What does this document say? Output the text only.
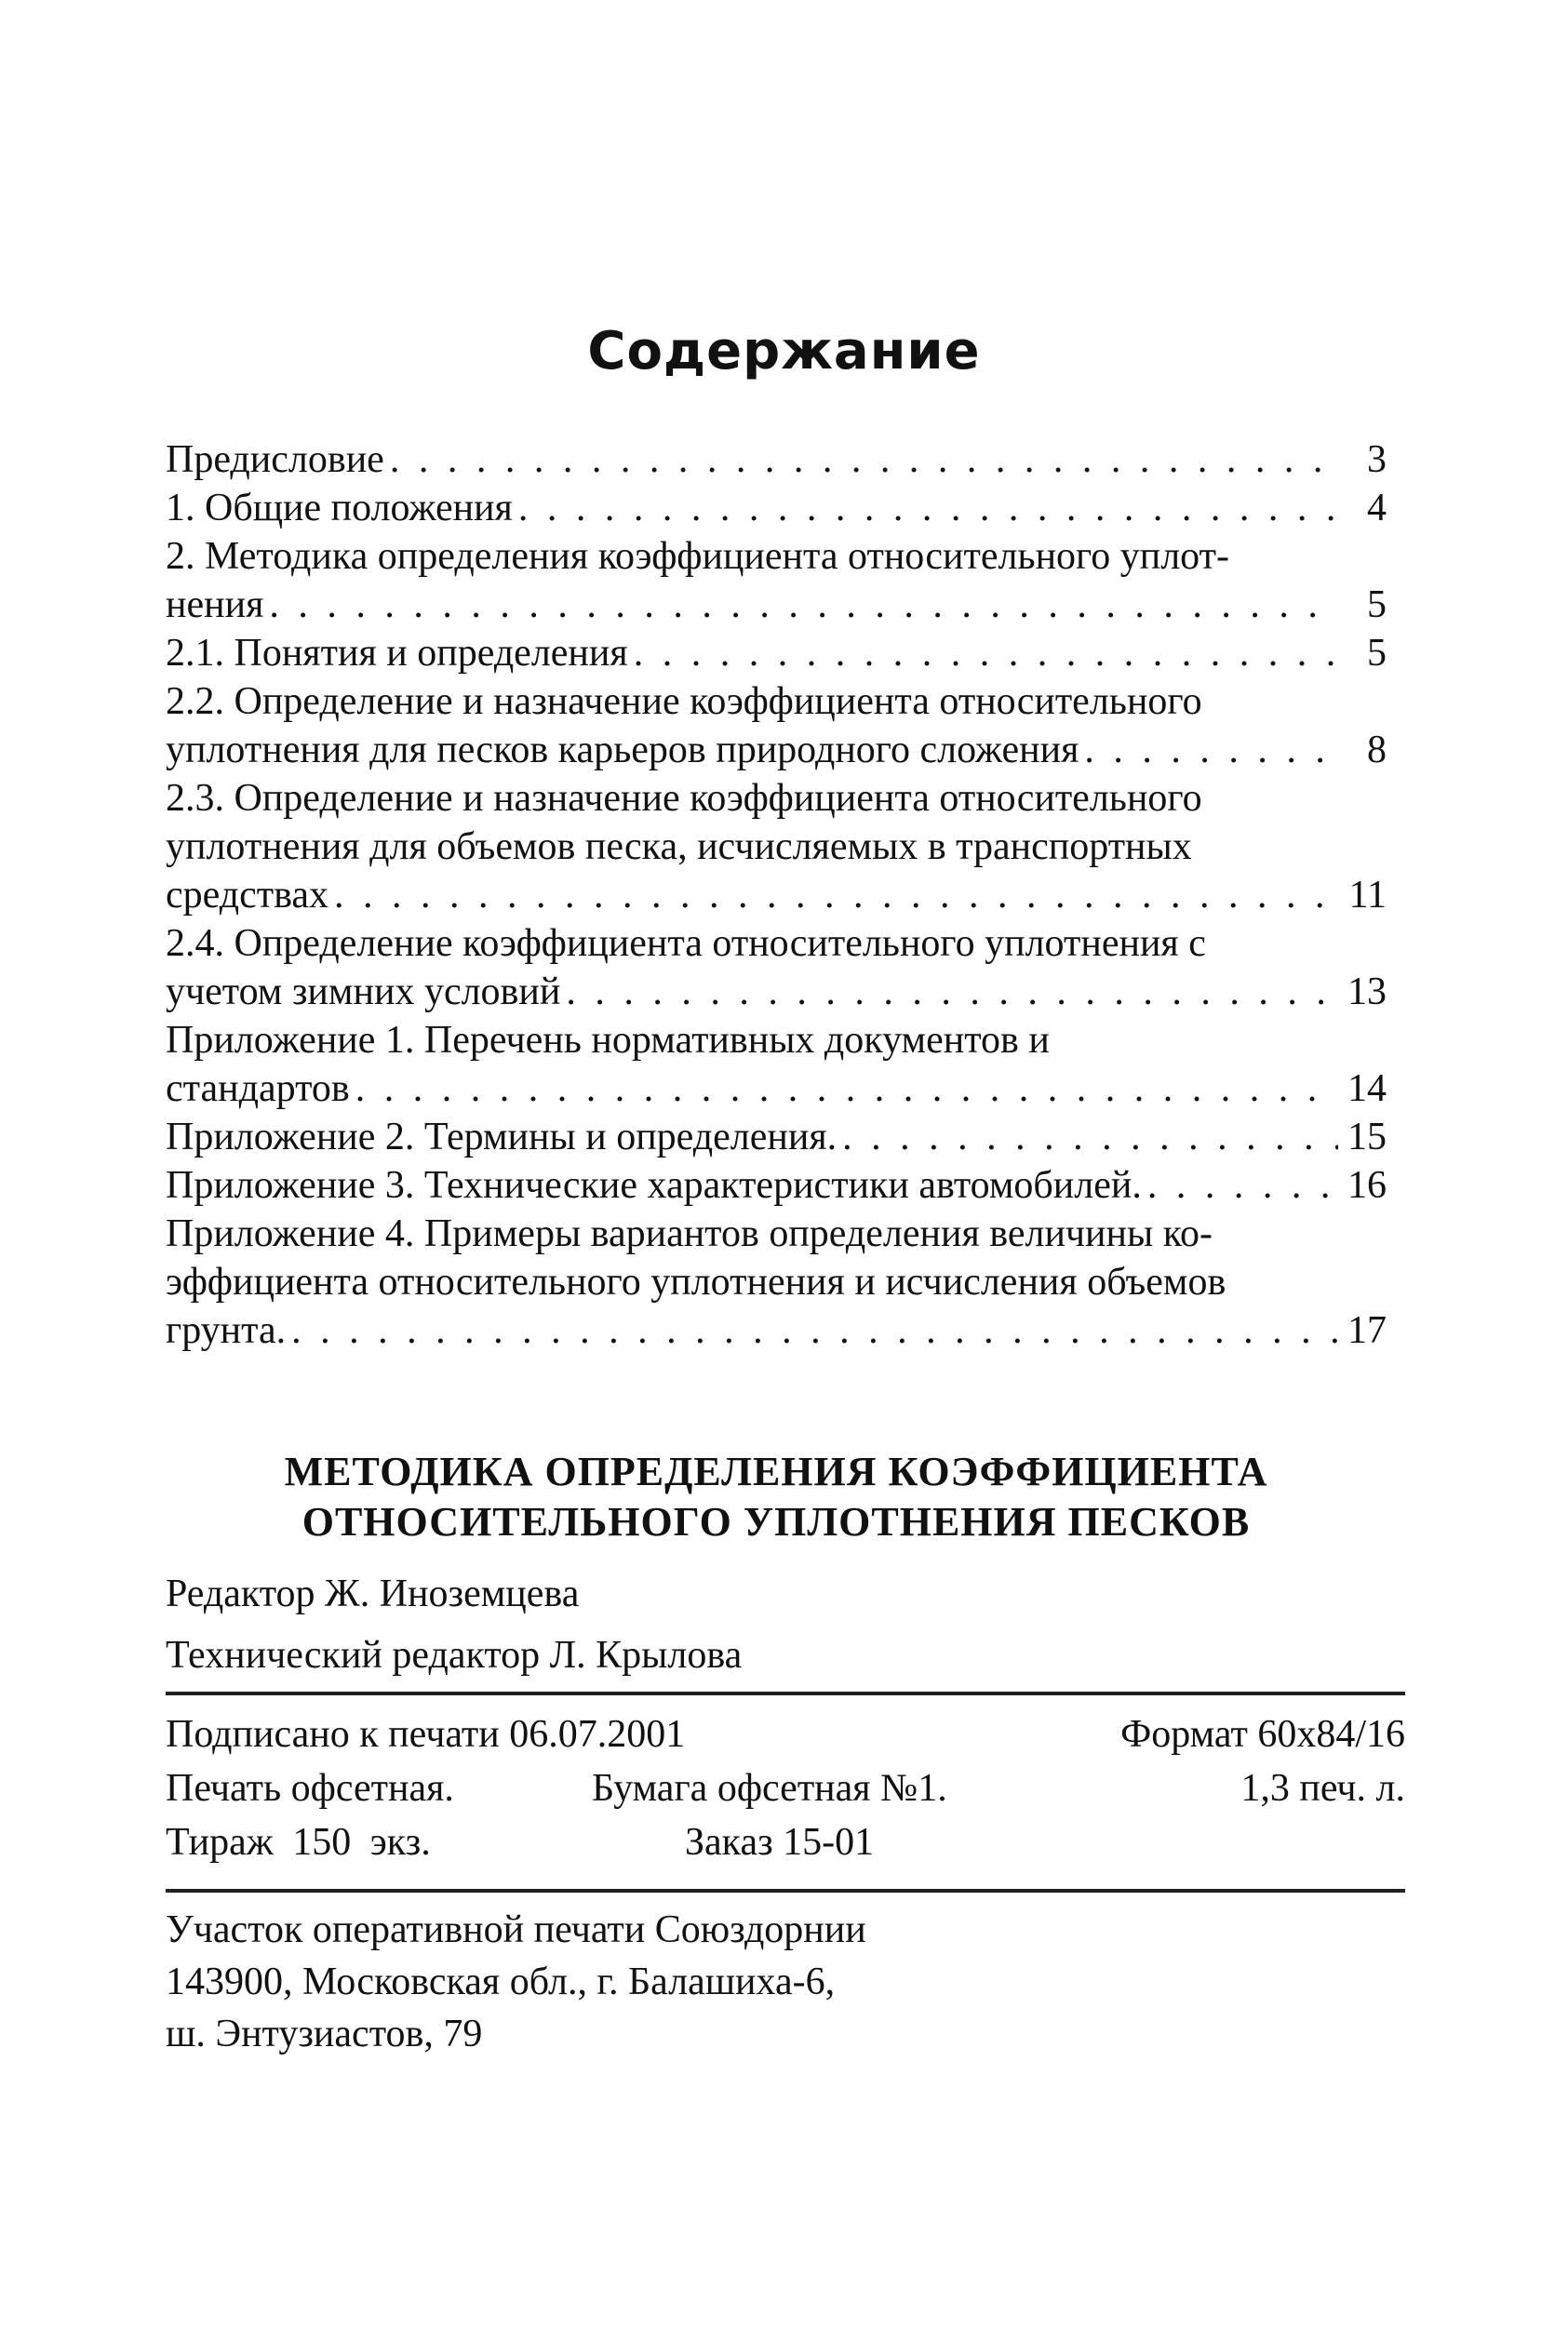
Содержание
Предисловие . . .	3
1. Общие положения . . .	4
2. Методика определения коэффициента относительного уплот-
нения . . .	5
2.1. Понятия и определения . . .	5
2.2. Определение и назначение коэффициента относительного
уплотнения для песков карьеров природного сложения . . .	8
2.3. Определение и назначение коэффициента относительного уплотнения для объемов песка, исчисляемых в транспортных
средствах . . .	11
2.4. Определение коэффициента относительного уплотнения с
учетом зимних условий . . .	13
Приложение 1. Перечень нормативных документов и
стандартов . . .	14
Приложение 2. Термины и определения. . . .	15
Приложение 3. Технические характеристики автомобилей. . . .	16
Приложение 4. Примеры вариантов определения величины ко-эффициента относительного уплотнения и исчисления объемов
грунта. . . .	17
МЕТОДИКА ОПРЕДЕЛЕНИЯ КОЭФФИЦИЕНТА
ОТНОСИТЕЛЬНОГО УПЛОТНЕНИЯ ПЕСКОВ
Редактор Ж. Иноземцева
Технический редактор Л. Крылова
Подписано к печати 06.07.2001	Формат 60x84/16
Печать офсетная.	Бумага офсетная №1.	1,3 печ. л.
Тираж 150 экз.	Заказ 15-01
Участок оперативной печати Союздорнии
143900, Московская обл., г. Балашиха-6,
ш. Энтузиастов, 79
